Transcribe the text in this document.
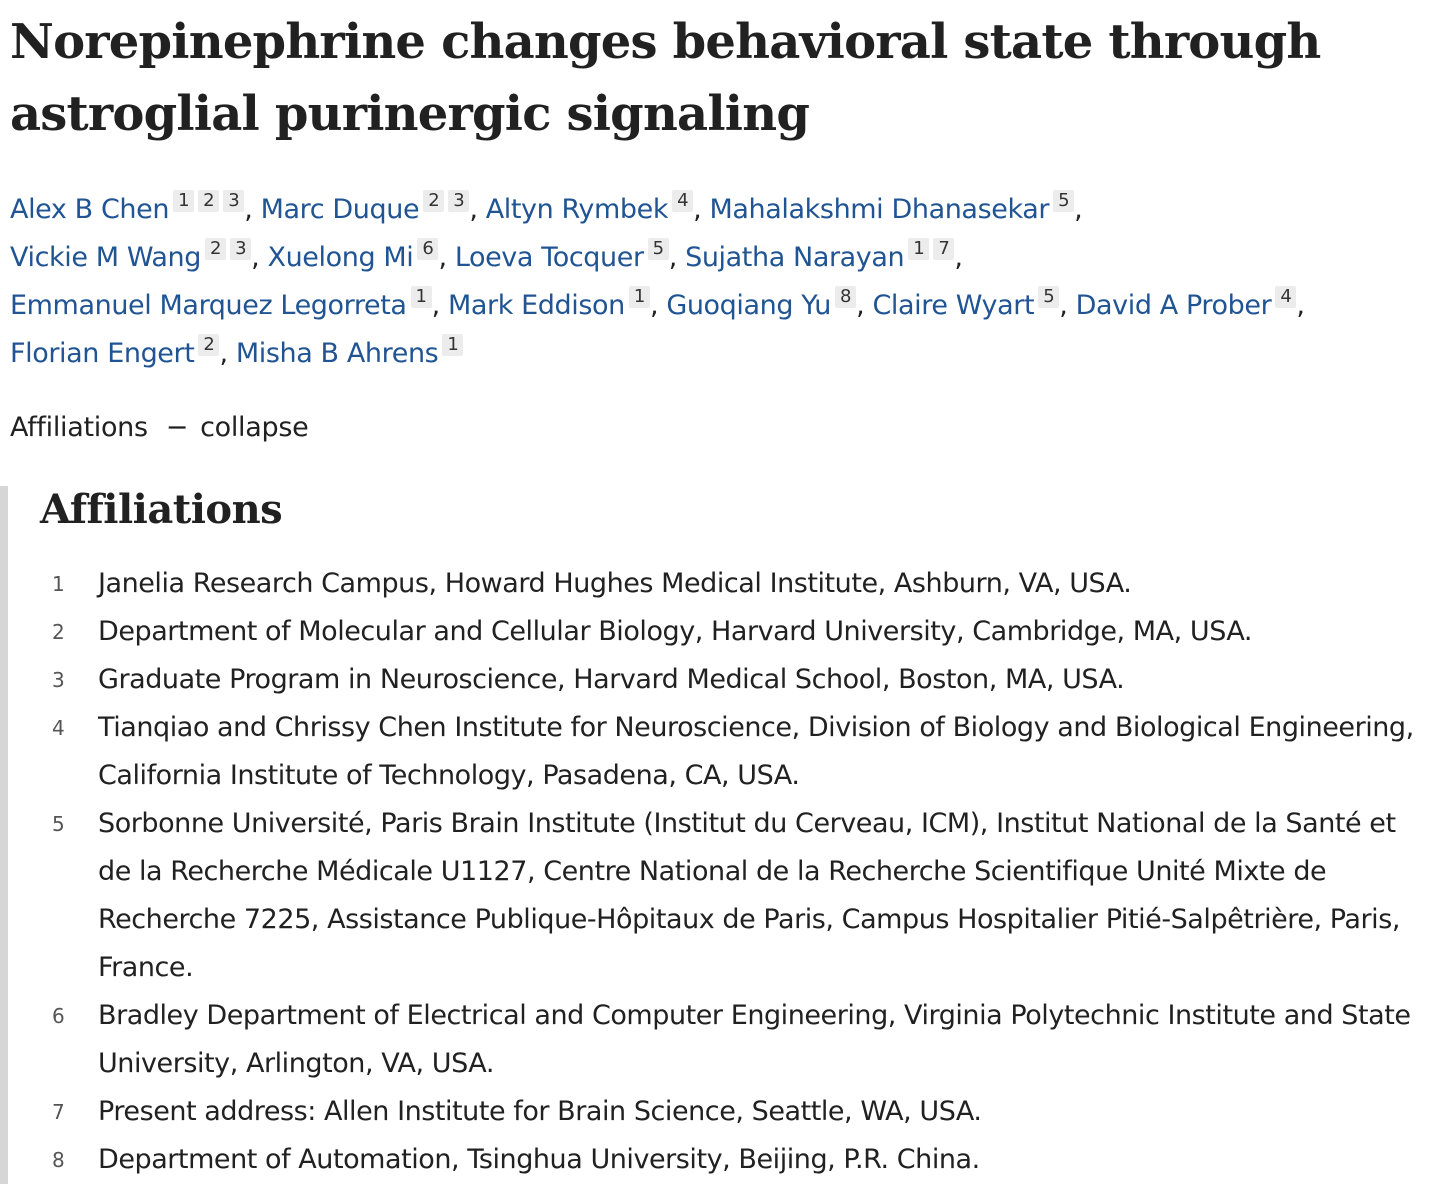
Norepinephrine changes behavioral state through astroglial purinergic signaling
Alex B Chen 1 2 3 , Marc Duque 2 3 , Altyn Rymbek 4 , Mahalakshmi Dhanasekar 5 ,
Vickie M Wang 2 3 , Xuelong Mi 6 , Loeva Tocquer 5 , Sujatha Narayan 1 7 ,
Emmanuel Marquez Legorreta 1 , Mark Eddison 1 , Guoqiang Yu 8 , Claire Wyart 5 , David A Prober 4 ,
Florian Engert 2 , Misha B Ahrens 1
Affiliations − collapse
Affiliations
1 Janelia Research Campus, Howard Hughes Medical Institute, Ashburn, VA, USA.
2 Department of Molecular and Cellular Biology, Harvard University, Cambridge, MA, USA.
3 Graduate Program in Neuroscience, Harvard Medical School, Boston, MA, USA.
4 Tianqiao and Chrissy Chen Institute for Neuroscience, Division of Biology and Biological Engineering, California Institute of Technology, Pasadena, CA, USA.
5 Sorbonne Université, Paris Brain Institute (Institut du Cerveau, ICM), Institut National de la Santé et de la Recherche Médicale U1127, Centre National de la Recherche Scientifique Unité Mixte de Recherche 7225, Assistance Publique-Hôpitaux de Paris, Campus Hospitalier Pitié-Salpêtrière, Paris, France.
6 Bradley Department of Electrical and Computer Engineering, Virginia Polytechnic Institute and State University, Arlington, VA, USA.
7 Present address: Allen Institute for Brain Science, Seattle, WA, USA.
8 Department of Automation, Tsinghua University, Beijing, P.R. China.
